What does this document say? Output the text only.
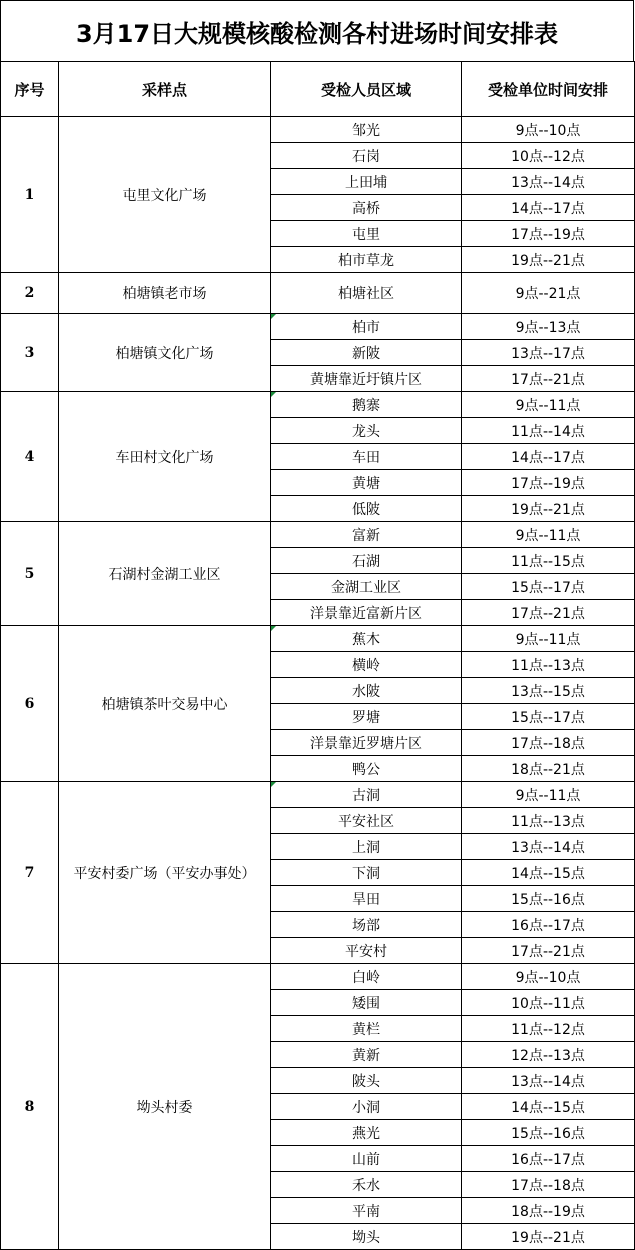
3月17日大规模核酸检测各村进场时间安排表
序号	采样点	受检人员区域	受检单位时间安排
1	屯里文化广场	邹光	9点--10点
		石岗	10点--12点
		上田埔	13点--14点
		高桥	14点--17点
		屯里	17点--19点
		柏市草龙	19点--21点
2	柏塘镇老市场	柏塘社区	9点--21点
3	柏塘镇文化广场	柏市	9点--13点
		新陂	13点--17点
		黄塘靠近圩镇片区	17点--21点
4	车田村文化广场	鹅寨	9点--11点
		龙头	11点--14点
		车田	14点--17点
		黄塘	17点--19点
		低陂	19点--21点
5	石湖村金湖工业区	富新	9点--11点
		石湖	11点--15点
		金湖工业区	15点--17点
		洋景靠近富新片区	17点--21点
6	柏塘镇茶叶交易中心	蕉木	9点--11点
		横岭	11点--13点
		水陂	13点--15点
		罗塘	15点--17点
		洋景靠近罗塘片区	17点--18点
		鸭公	18点--21点
7	平安村委广场（平安办事处）	古洞	9点--11点
		平安社区	11点--13点
		上洞	13点--14点
		下洞	14点--15点
		旱田	15点--16点
		场部	16点--17点
		平安村	17点--21点
8	坳头村委	白岭	9点--10点
		矮围	10点--11点
		黄栏	11点--12点
		黄新	12点--13点
		陂头	13点--14点
		小洞	14点--15点
		燕光	15点--16点
		山前	16点--17点
		禾水	17点--18点
		平南	18点--19点
		坳头	19点--21点
